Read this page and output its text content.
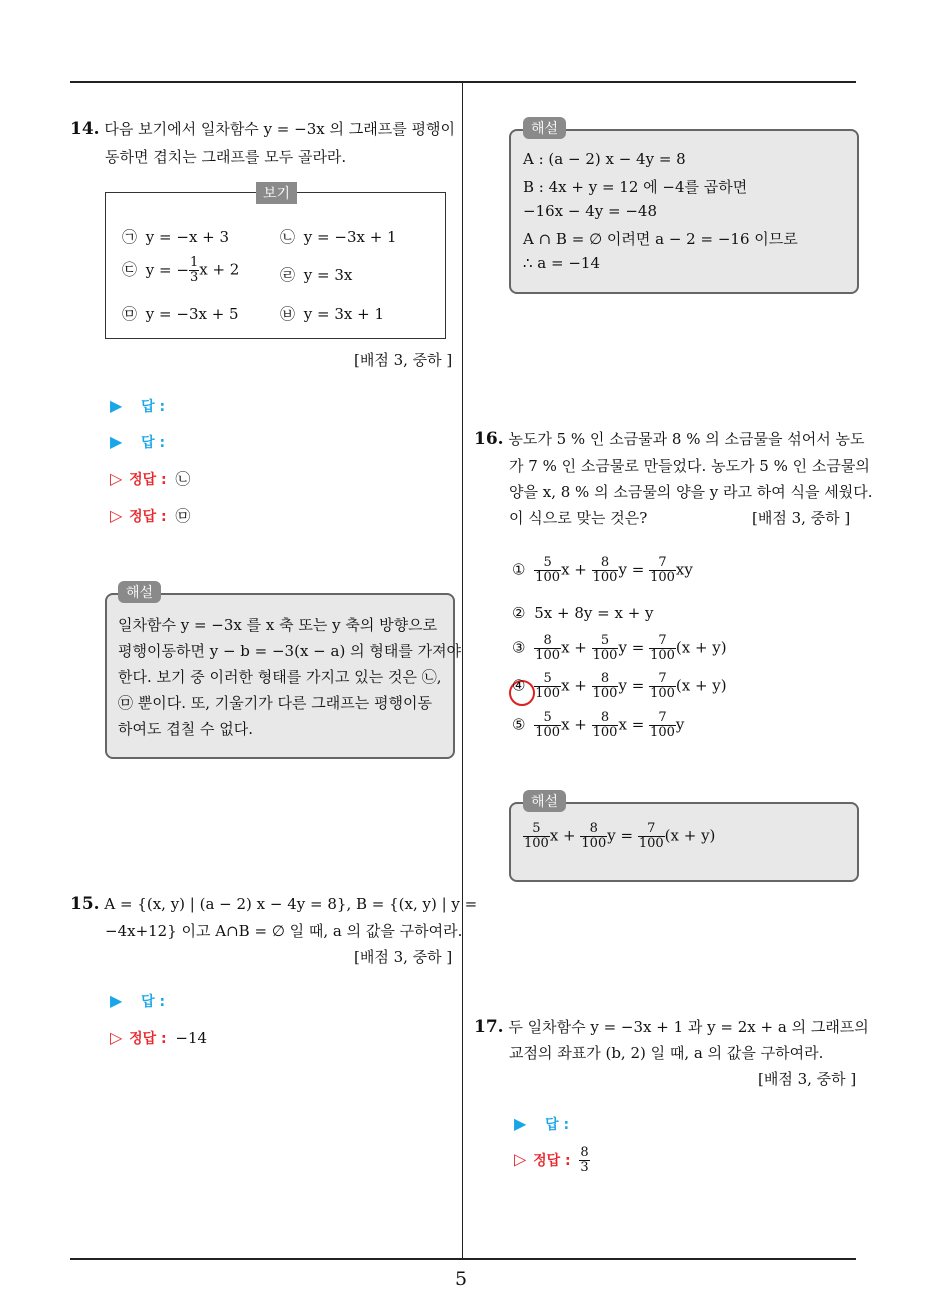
14. 다음 보기에서 일차함수 y = −3x 의 그래프를 평행이
동하면 겹치는 그래프를 모두 골라라.
보기
㉠ y = −x + 3	㉡ y = −3x + 1
㉢ y = − $\frac{1}{3}$ x + 2	㉣ y = 3x
㉤ y = −3x + 5	㉥ y = 3x + 1
[배점 3, 중하 ]
▶ 답 :
▶ 답 :
▷ 정답 : ㉡
▷ 정답 : ㉤
해설
일차함수 y = −3x 를 x 축 또는 y 축의 방향으로
평행이동하면 y − b = −3(x − a) 의 형태를 가져야
한다. 보기 중 이러한 형태를 가지고 있는 것은 ㉡,
㉤ 뿐이다. 또, 기울기가 다른 그래프는 평행이동
하여도 겹칠 수 없다.
15. A = {(x, y) | (a − 2) x − 4y = 8}, B = {(x, y) | y =
−4x+12} 이고 A∩B = ∅ 일 때, a 의 값을 구하여라.
[배점 3, 중하 ]
▶ 답 :
▷ 정답 : −14
해설
A : (a − 2) x − 4y = 8
B : 4x + y = 12 에 −4를 곱하면
−16x − 4y = −48
A ∩ B = ∅ 이려면 a − 2 = −16 이므로
∴ a = −14
16. 농도가 5 % 인 소금물과 8 % 의 소금물을 섞어서 농도
가 7 % 인 소금물로 만들었다. 농도가 5 % 인 소금물의
양을 x, 8 % 의 소금물의 양을 y 라고 하여 식을 세웠다.
이 식으로 맞는 것은?	[배점 3, 중하 ]
① $\frac{5}{100}$ $x + \frac{8}{100}$ $y = \frac{7}{100}$ xy
② 5x + 8y = x + y
③ $\frac{8}{100}$ $x + \frac{5}{100}$ $y = \frac{7}{100} (x + y)$
④ $\frac{5}{100}$ $x + \frac{8}{100}$ $y = \frac{7}{100} (x + y)$
⑤ $\frac{5}{100}$ $x + \frac{8}{100}$ $x = \frac{7}{100}$ y
해설
$\frac{5}{100}$ $x + \frac{8}{100}$ $y = \frac{7}{100} (x + y)$
17. 두 일차함수 y = −3x + 1 과 y = 2x + a 의 그래프의
교점의 좌표가 (b, 2) 일 때, a 의 값을 구하여라.
[배점 3, 중하 ]
▶ 답 :
▷ 정답 : $\frac{8}{3}$
5
